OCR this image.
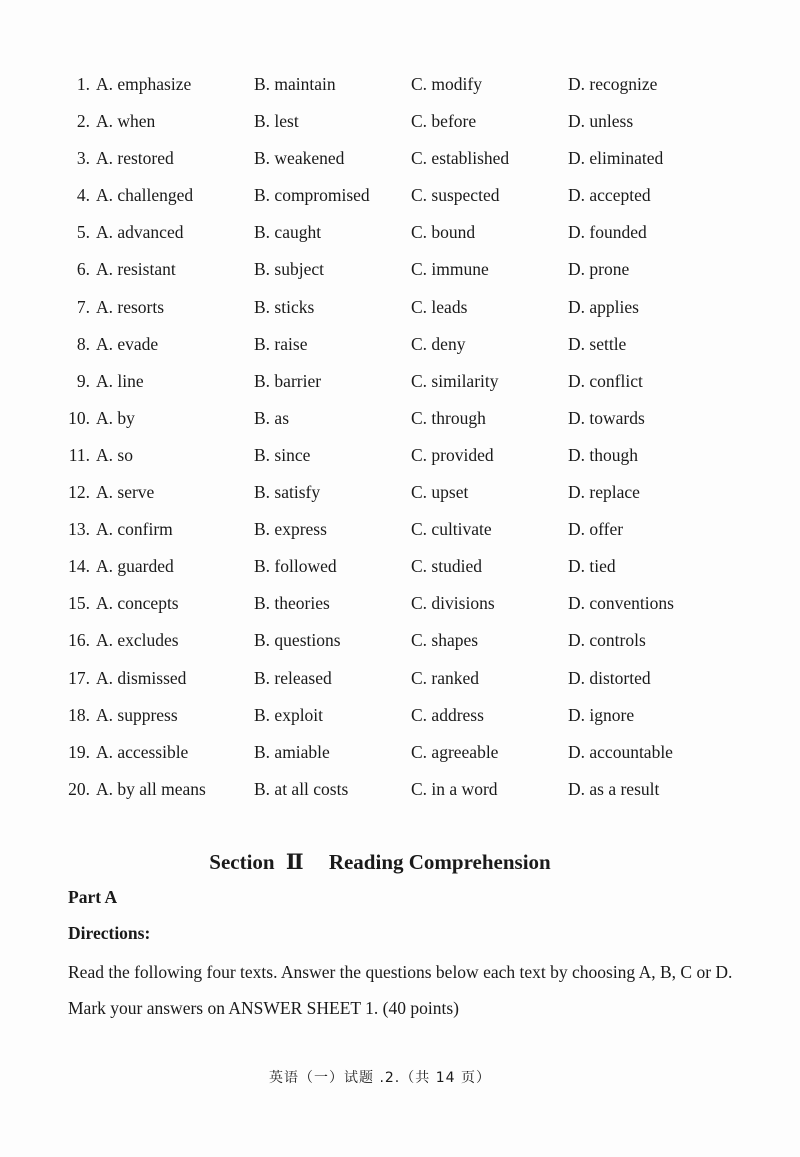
1. A. emphasize	B. maintain	C. modify	D. recognize
2. A. when	B. lest	C. before	D. unless
3. A. restored	B. weakened	C. established	D. eliminated
4. A. challenged	B. compromised C. suspected	D. accepted
5. A. advanced	B. caught	C. bound	D. founded
6. A. resistant	B. subject	C. immune	D. prone
7. A. resorts	B. sticks	C. leads	D. applies
8. A. evade	B. raise	C. deny	D. settle
9. A. line	B. barrier	C. similarity	D. conflict
10. A. by	B. as	C. through	D. towards
11. A. so	B. since	C. provided	D. though
12. A. serve	B. satisfy	C. upset	D. replace
13. A. confirm	B. express	C. cultivate	D. offer
14. A. guarded	B. followed	C. studied	D. tied
15. A. concepts	B. theories	C. divisions	D. conventions
16. A. excludes	B. questions	C. shapes	D. controls
17. A. dismissed	B. released	C. ranked	D. distorted
18. A. suppress	B. exploit	C. address	D. ignore
19. A. accessible	B. amiable	C. agreeable	D. accountable
20. A. by all means	B. at all costs	C. in a word	D. as a result
Section Ⅱ Reading Comprehension
Part A
Directions:
Read the following four texts. Answer the questions below each text by choosing A, B, C or D. Mark your answers on ANSWER SHEET 1. (40 points)
英语（一）试题 .2.（共 14 页）
